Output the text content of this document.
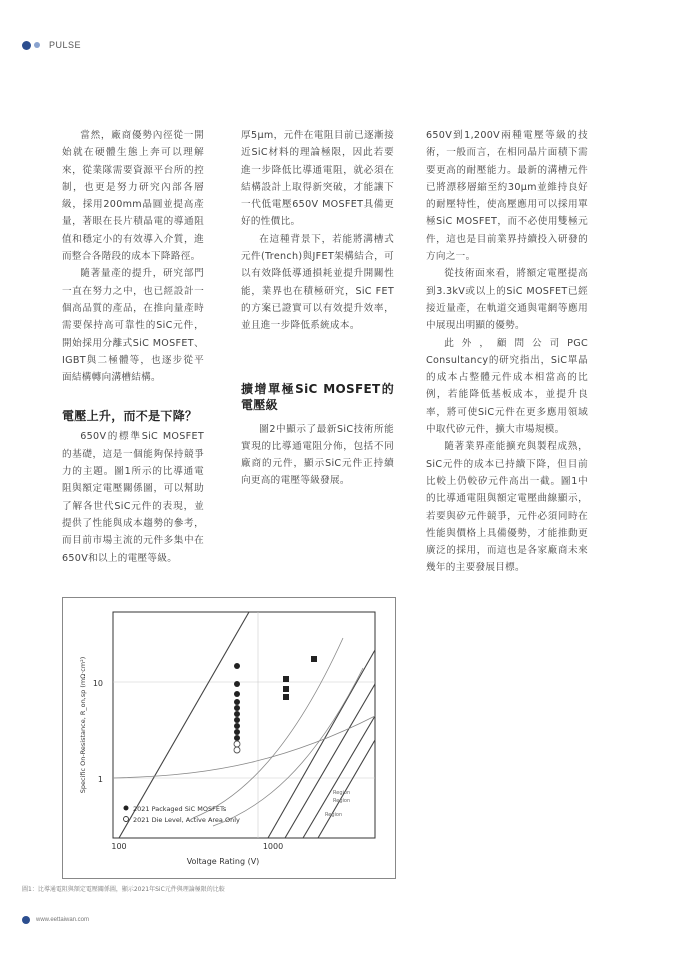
PULSE

當然，廠商優勢內徑從一開始就在硬體生態上奔可以理解來，從業隊需要資源平台所的控制，也更是努力研究內部各層級，採用200mm晶圓並提高產量，著眼在長片積晶電的導通阻值和穩定小的有效導入介質，進而整合各階段的成本下降路徑。

隨著量產的提升，研究部門一直在努力之中，也已經設計一個高品質的產品，在推向量產時需要保持高可靠性的SiC元件，開始採用分離式SiC MOSFET、IGBT與二極體等，也逐步從平面結構轉向溝槽結構。

電壓上升，而不是下降？

650V的標準SiC MOSFET的基礎，這是一個能夠保持競爭力的主題。圖1所示的比導通電阻與額定電壓關係圖，可以幫助了解各世代SiC元件的表現，並提供了性能與成本趨勢的參考，而目前市場主流的元件多集中在650V和以上的電壓等級。

厚5μm，元件在電阻目前已逐漸接近SiC材料的理論極限，因此若要進一步降低比導通電阻，就必須在結構設計上取得新突破，才能讓下一代低電壓650V MOSFET具備更好的性價比。

在這種背景下，若能將溝槽式元件(Trench)與JFET架構結合，可以有效降低導通損耗並提升開關性能，業界也在積極研究，SiC FET的方案已證實可以有效提升效率，並且進一步降低系統成本。

擴增單極SiC MOSFET的電壓級

圖2中顯示了最新SiC技術所能實現的比導通電阻分佈，包括不同廠商的元件，顯示SiC元件正持續向更高的電壓等級發展。

650V到1,200V兩種電壓等級的技術，一般而言，在相同晶片面積下需要更高的耐壓能力。最新的溝槽元件已將漂移層縮至約30μm並維持良好的耐壓特性，使高壓應用可以採用單極SiC MOSFET，而不必使用雙極元件，這也是目前業界持續投入研發的方向之一。

從技術面來看，將額定電壓提高到3.3kV或以上的SiC MOSFET已經接近量產，在軌道交通與電網等應用中展現出明顯的優勢。

此外，顧問公司PGC Consultancy的研究指出，SiC單晶的成本占整體元件成本相當高的比例，若能降低基板成本，並提升良率，將可使SiC元件在更多應用領域中取代矽元件，擴大市場規模。

隨著業界產能擴充與製程成熟，SiC元件的成本已持續下降，但目前比較上仍較矽元件高出一截。圖1中的比導通電阻與額定電壓曲線顯示，若要與矽元件競爭，元件必須同時在性能與價格上具備優勢，才能推動更廣泛的採用，而這也是各家廠商未來幾年的主要發展目標。

Region
Region
Region
10
1
100	1000
Voltage Rating (V)
Specific On-Resistance, R_on,sp (mΩ·cm²)
2021 Packaged SiC MOSFETs
2021 Die Level, Active Area Only
圖1：比導通電阻與額定電壓關係圖，顯示2021年SiC元件與理論極限的比較
www.eettaiwan.com
